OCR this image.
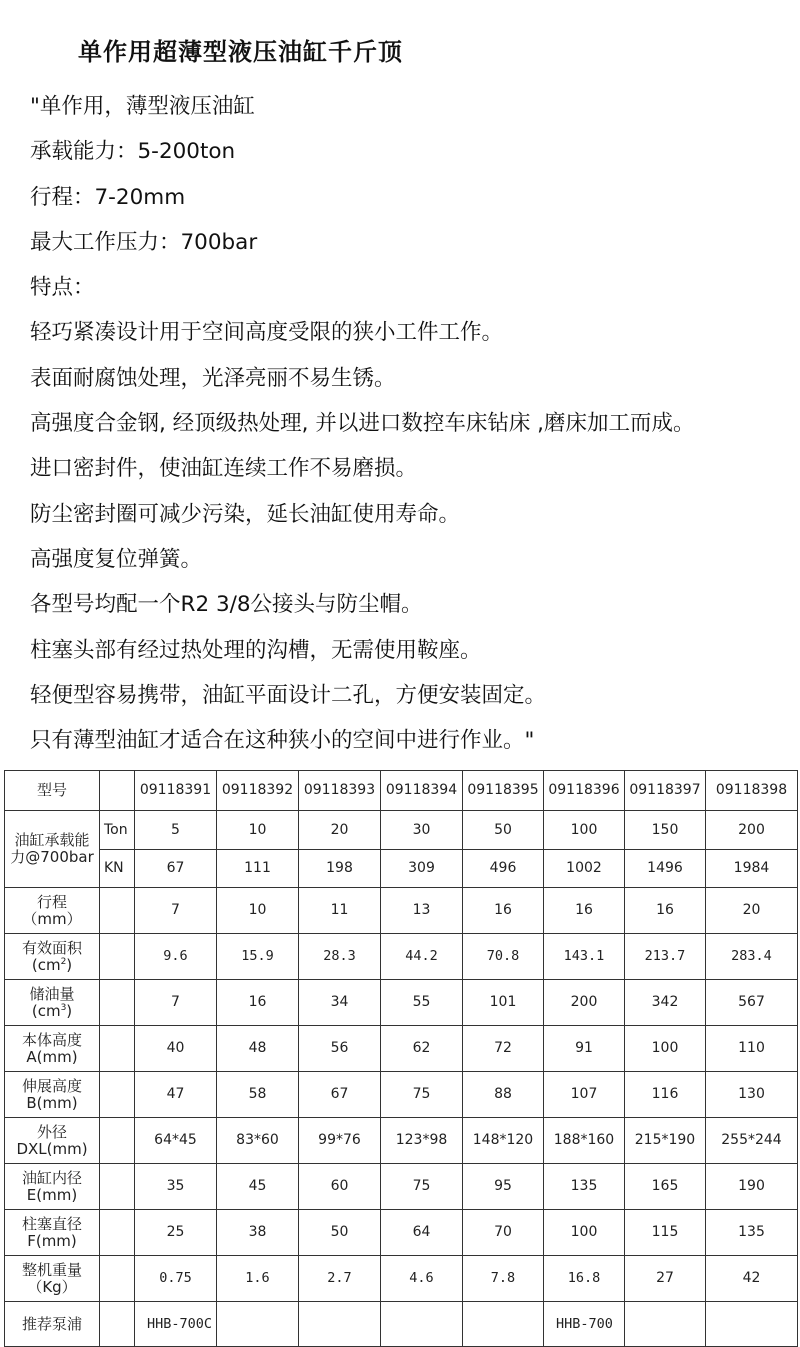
单作用超薄型液压油缸千斤顶
"单作用，薄型液压油缸
承载能力：5-200ton
行程：7-20mm
最大工作压力：700bar
特点：
轻巧紧凑设计用于空间高度受限的狭小工件工作。
表面耐腐蚀处理，光泽亮丽不易生锈。
高强度合金钢, 经顶级热处理, 并以进口数控车床钻床 ,磨床加工而成。
进口密封件，使油缸连续工作不易磨损。
防尘密封圈可减少污染，延长油缸使用寿命。
高强度复位弹簧。
各型号均配一个R2 3/8公接头与防尘帽。
柱塞头部有经过热处理的沟槽，无需使用鞍座。
轻便型容易携带，油缸平面设计二孔，方便安装固定。
只有薄型油缸才适合在这种狭小的空间中进行作业。"
型号		09118391	09118392	09118393	09118394	09118395	09118396	09118397	09118398

油缸承载能
力@700bar	Ton	5	10	20	30	50	100	150	200
	KN	67	111	198	309	496	1002	1496	1984

行程
（mm）		7	10	11	13	16	16	16	20

有效面积
$(cm^2)$		9.6	15.9	28.3	44.2	70.8	143.1	213.7	283.4

储油量
$(cm^3)$		7	16	34	55	101	200	342	567

本体高度
A(mm)		40	48	56	62	72	91	100	110

伸展高度
B(mm)		47	58	67	75	88	107	116	130

外径
DXL(mm)		64*45	83*60	99*76	123*98	148*120	188*160	215*190	255*244

油缸内径
E(mm)		35	45	60	75	95	135	165	190

柱塞直径
F(mm)		25	38	50	64	70	100	115	135

整机重量
（Kg）		0.75	1.6	2.7	4.6	7.8	16.8	27	42
推荐泵浦		HHB-700C					HHB-700		
